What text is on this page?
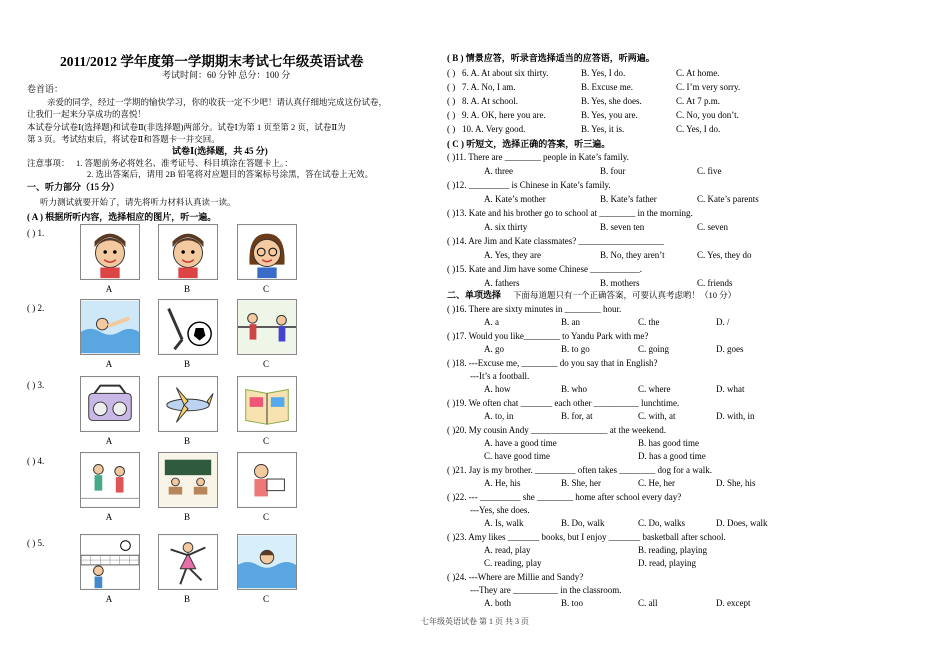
2011/2012 学年度第一学期期末考试七年级英语试卷
考试时间：60 分钟 总分：100 分
卷首语：
亲爱的同学，经过一学期的愉快学习，你的收获一定不少吧！请认真仔细地完成这份试卷，
让我们一起来分享成功的喜悦！
本试卷分试卷Ⅰ(选择题)和试卷Ⅱ(非选择题)两部分。试卷Ⅰ为第 1 页至第 2 页，试卷Ⅱ为
第 3 页。考试结束后，将试卷Ⅱ和答题卡一并交回。
试卷Ⅰ(选择题，共 45 分)
注意事项： 1. 答题前务必将姓名、准考证号、科目填涂在答题卡上。：
2. 选出答案后，请用 2B 铅笔将对应题目的答案标号涂黑，答在试卷上无效。
一、听力部分（15 分）
听力测试就要开始了，请先将听力材料认真读一读。
( A ) 根据所听内容，选择相应的图片，听一遍。
( ) 1.
A	B	C
( ) 2.
A	B	C
( ) 3.
A	B	C
( ) 4.
A	B	C
( ) 5.
A	B	C
( B ) 情景应答，听录音选择适当的应答语，听两遍。
( ) 6. A. At about six thirty.	B. Yes, I do.	C. At home.
( ) 7. A. No, I am.	B. Excuse me.	C. I’m very sorry.
( ) 8. A. At school.	B. Yes, she does.	C. At 7 p.m.
( ) 9. A. OK, here you are.	B. Yes, you are.	C. No, you don’t.
( ) 10. A. Very good.	B. Yes, it is.	C. Yes, I do.
( C ) 听短文，选择正确的答案，听三遍。
( )11. There are ________ people in Kate’s family.
A. three	B. four	C. five
( )12. _________ is Chinese in Kate’s family.
A. Kate’s mother	B. Kate’s father	C. Kate’s parents
( )13. Kate and his brother go to school at ________ in the morning.
A. six thirty	B. seven ten	C. seven
( )14. Are Jim and Kate classmates? ___________________
A. Yes, they are	B. No, they aren’t	C. Yes, they do
( )15. Kate and Jim have some Chinese ___________.
A. fathers	B. mothers	C. friends
二、单项选择 下面每道题只有一个正确答案，可要认真考虑哟！（10 分）
( )16. There are sixty minutes in ________ hour.
A. a	B. an	C. the	D. /
( )17. Would you like________ to Yandu Park with me?
A. go	B. to go	C. going	D. goes
( )18. ---Excuse me, ________ do you say that in English?
---It’s a football.
A. how	B. who	C. where	D. what
( )19. We often chat _______ each other __________ lunchtime.
A. to, in	B. for, at	C. with, at	D. with, in
( )20. My cousin Andy _________________ at the weekend.
A. have a good time	B. has good time
C. have good time	D. has a good time
( )21. Jay is my brother. _________ often takes ________ dog for a walk.
A. He, his	B. She, her	C. He, her	D. She, his
( )22. --- _________ she ________ home after school every day?
---Yes, she does.
A. Is, walk	B. Do, walk	C. Do, walks	D. Does, walk
( )23. Amy likes _______ books, but I enjoy _______ basketball after school.
A. read, play	B. reading, playing
C. reading, play	D. read, playing
( )24. ---Where are Millie and Sandy?
---They are __________ in the classroom.
A. both	B. too	C. all	D. except
七年级英语试卷 第 1 页 共 3 页
